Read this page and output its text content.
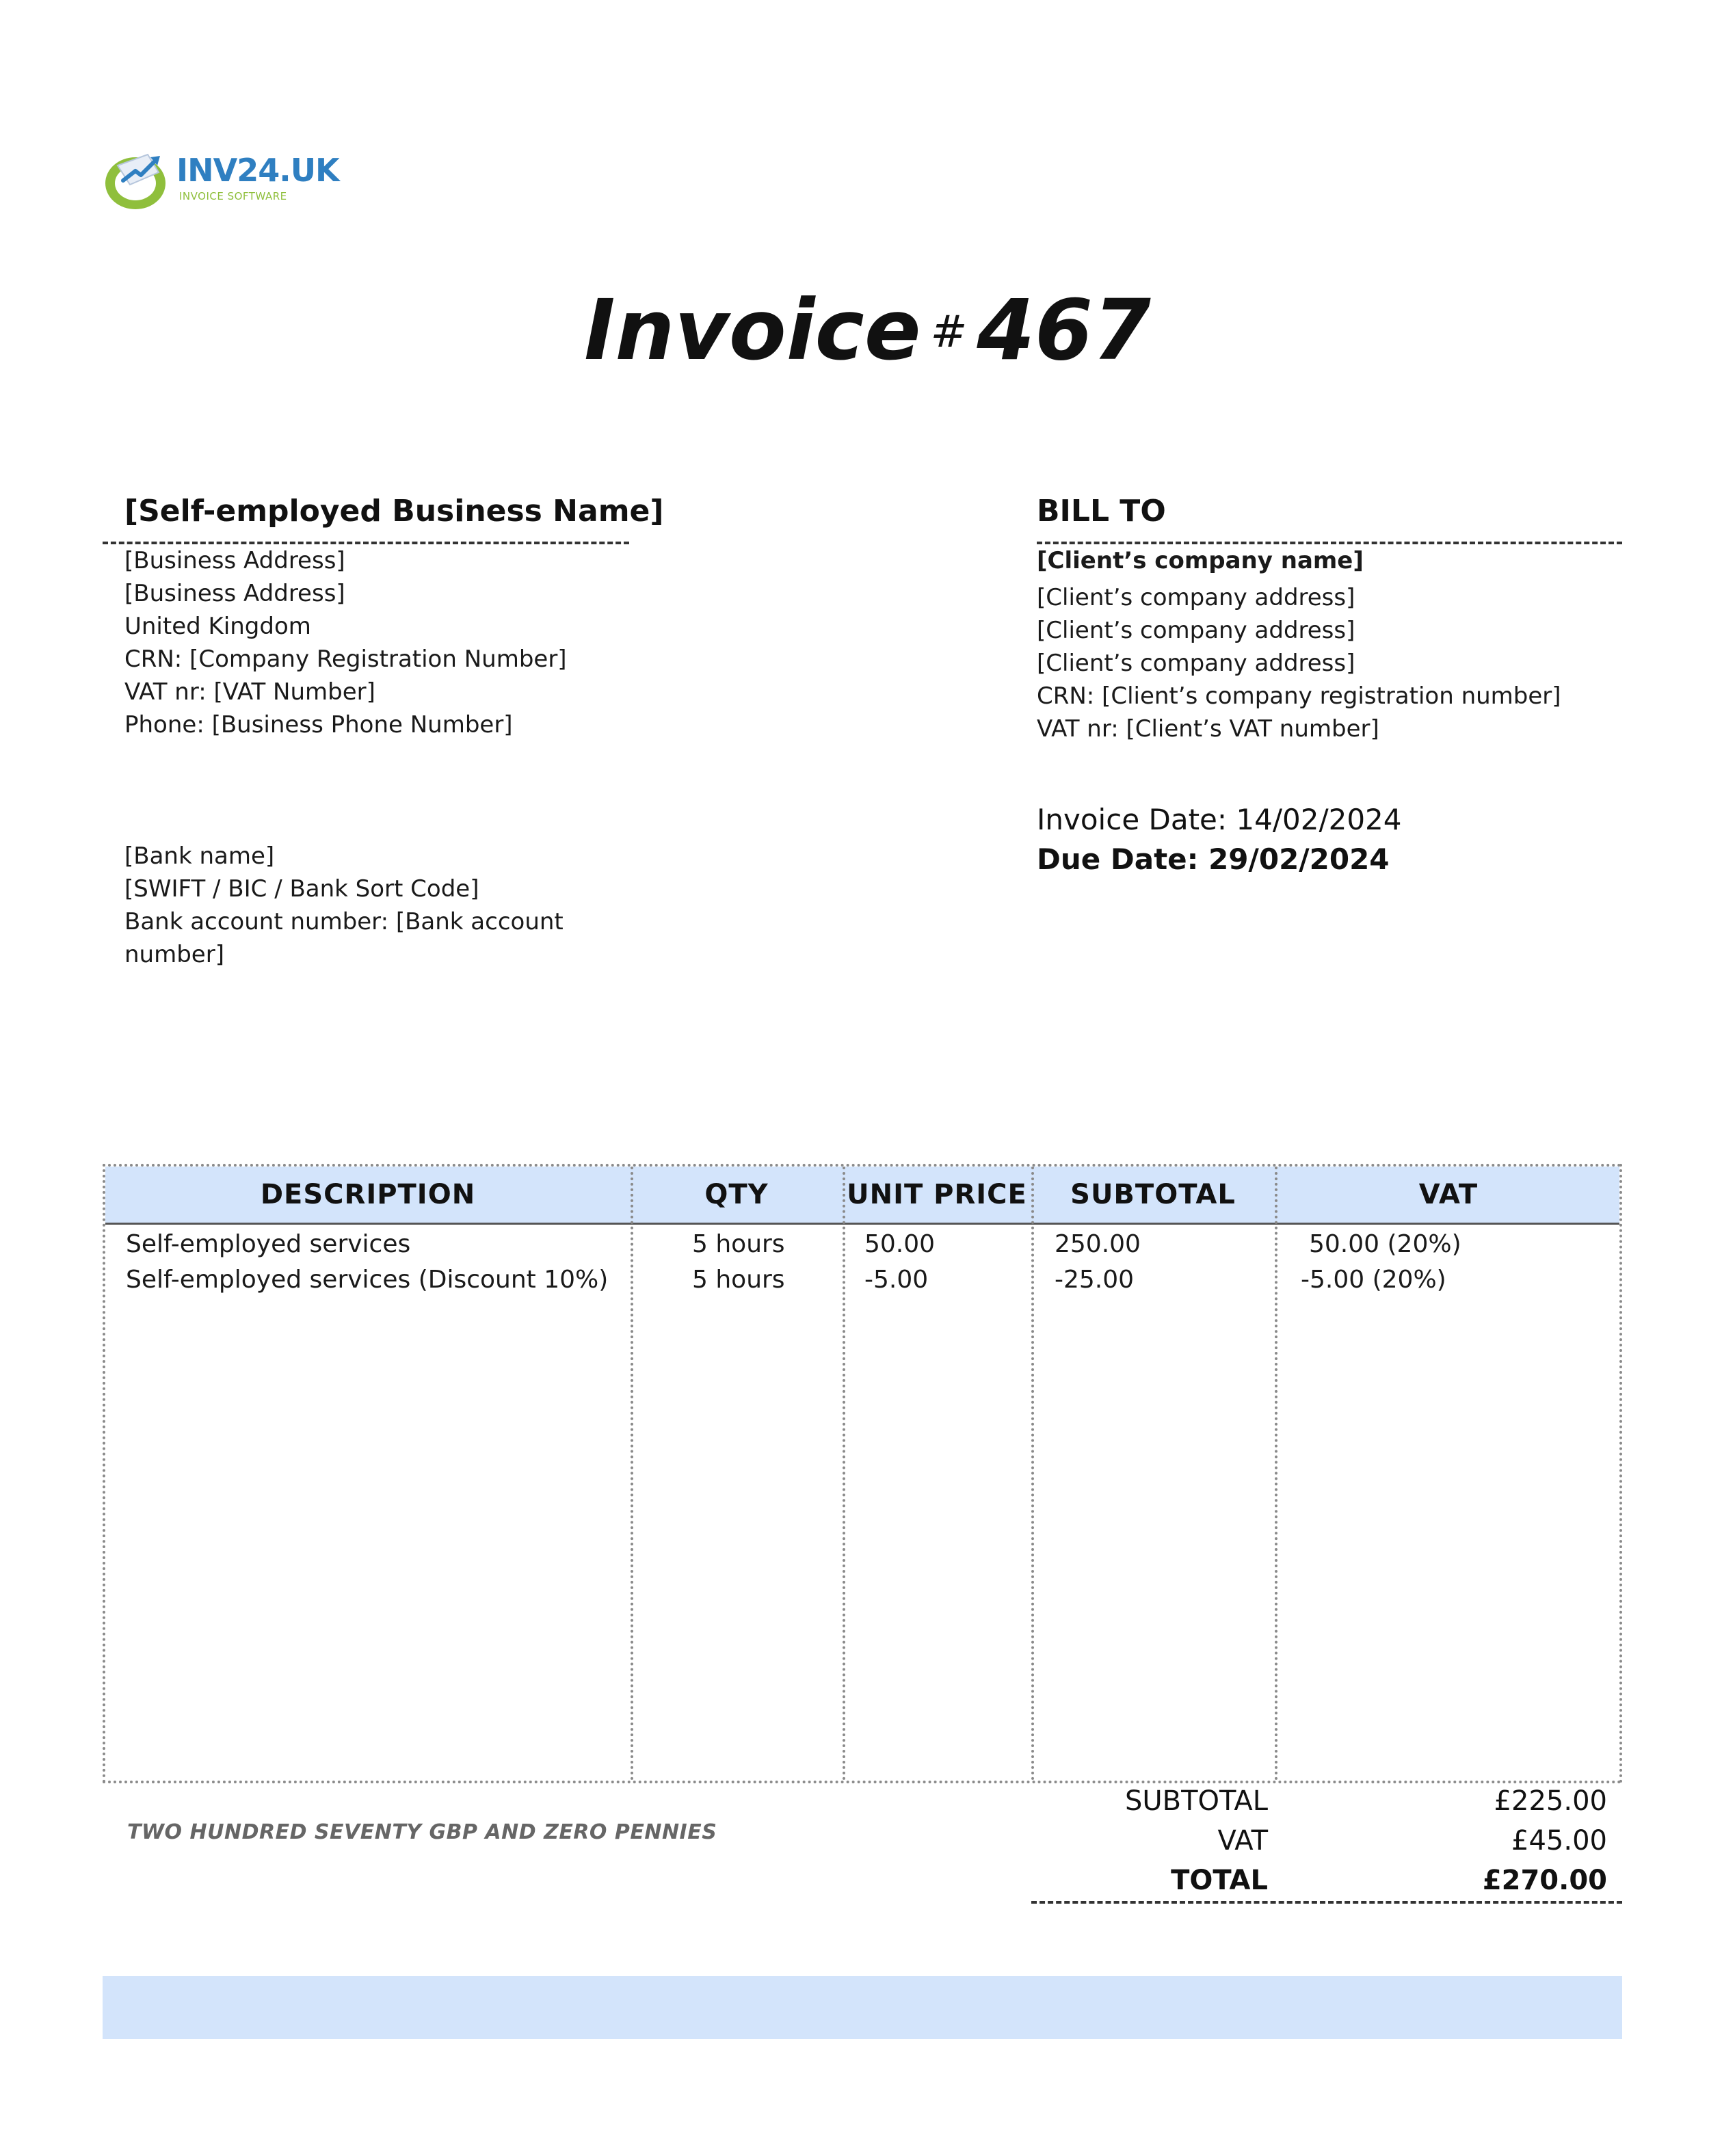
INV24.UK
INVOICE SOFTWARE
Invoice # 467
[Self-employed Business Name]
[Business Address]
[Business Address]
United Kingdom
CRN: [Company Registration Number]
VAT nr: [VAT Number]
Phone: [Business Phone Number]
[Bank name]
[SWIFT / BIC / Bank Sort Code]
Bank account number: [Bank account
number]
BILL TO
[Client’s company name]
[Client’s company address]
[Client’s company address]
[Client’s company address]
CRN: [Client’s company registration number]
VAT nr: [Client’s VAT number]
Invoice Date: 14/02/2024
Due Date: 29/02/2024
DESCRIPTION	QTY	UNIT PRICE	SUBTOTAL	VAT
Self-employed services	5 hours	50.00	250.00	50.00 (20%)
Self-employed services (Discount 10%)	5 hours	-5.00	-25.00	-5.00 (20%)
TWO HUNDRED SEVENTY GBP AND ZERO PENNIES
SUBTOTAL	£225.00
VAT	£45.00
TOTAL	£270.00
